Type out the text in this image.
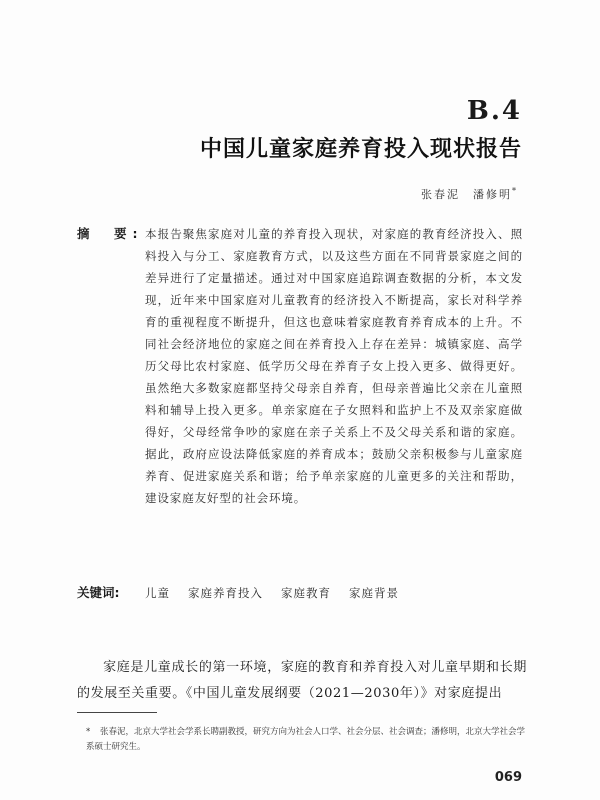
B.4
中国儿童家庭养育投入现状报告
张春泥　潘修明*
摘　要: 本报告聚焦家庭对儿童的养育投入现状，对家庭的教育经济投入、照料投入与分工、家庭教育方式，以及这些方面在不同背景家庭之间的差异进行了定量描述。通过对中国家庭追踪调查数据的分析，本文发现，近年来中国家庭对儿童教育的经济投入不断提高，家长对科学养育的重视程度不断提升，但这也意味着家庭教育养育成本的上升。不同社会经济地位的家庭之间在养育投入上存在差异：城镇家庭、高学历父母比农村家庭、低学历父母在养育子女上投入更多、做得更好。虽然绝大多数家庭都坚持父母亲自养育，但母亲普遍比父亲在儿童照料和辅导上投入更多。单亲家庭在子女照料和监护上不及双亲家庭做得好，父母经常争吵的家庭在亲子关系上不及父母关系和谐的家庭。据此，政府应设法降低家庭的养育成本；鼓励父亲积极参与儿童家庭养育、促进家庭关系和谐；给予单亲家庭的儿童更多的关注和帮助，建设家庭友好型的社会环境。
关键词: 儿童 家庭养育投入 家庭教育 家庭背景
家庭是儿童成长的第一环境，家庭的教育和养育投入对儿童早期和长期的发展至关重要。《中国儿童发展纲要（2021—2030年）》对家庭提出
* 张春泥，北京大学社会学系长聘副教授，研究方向为社会人口学、社会分层、社会调查；潘修明，北京大学社会学系硕士研究生。
069
